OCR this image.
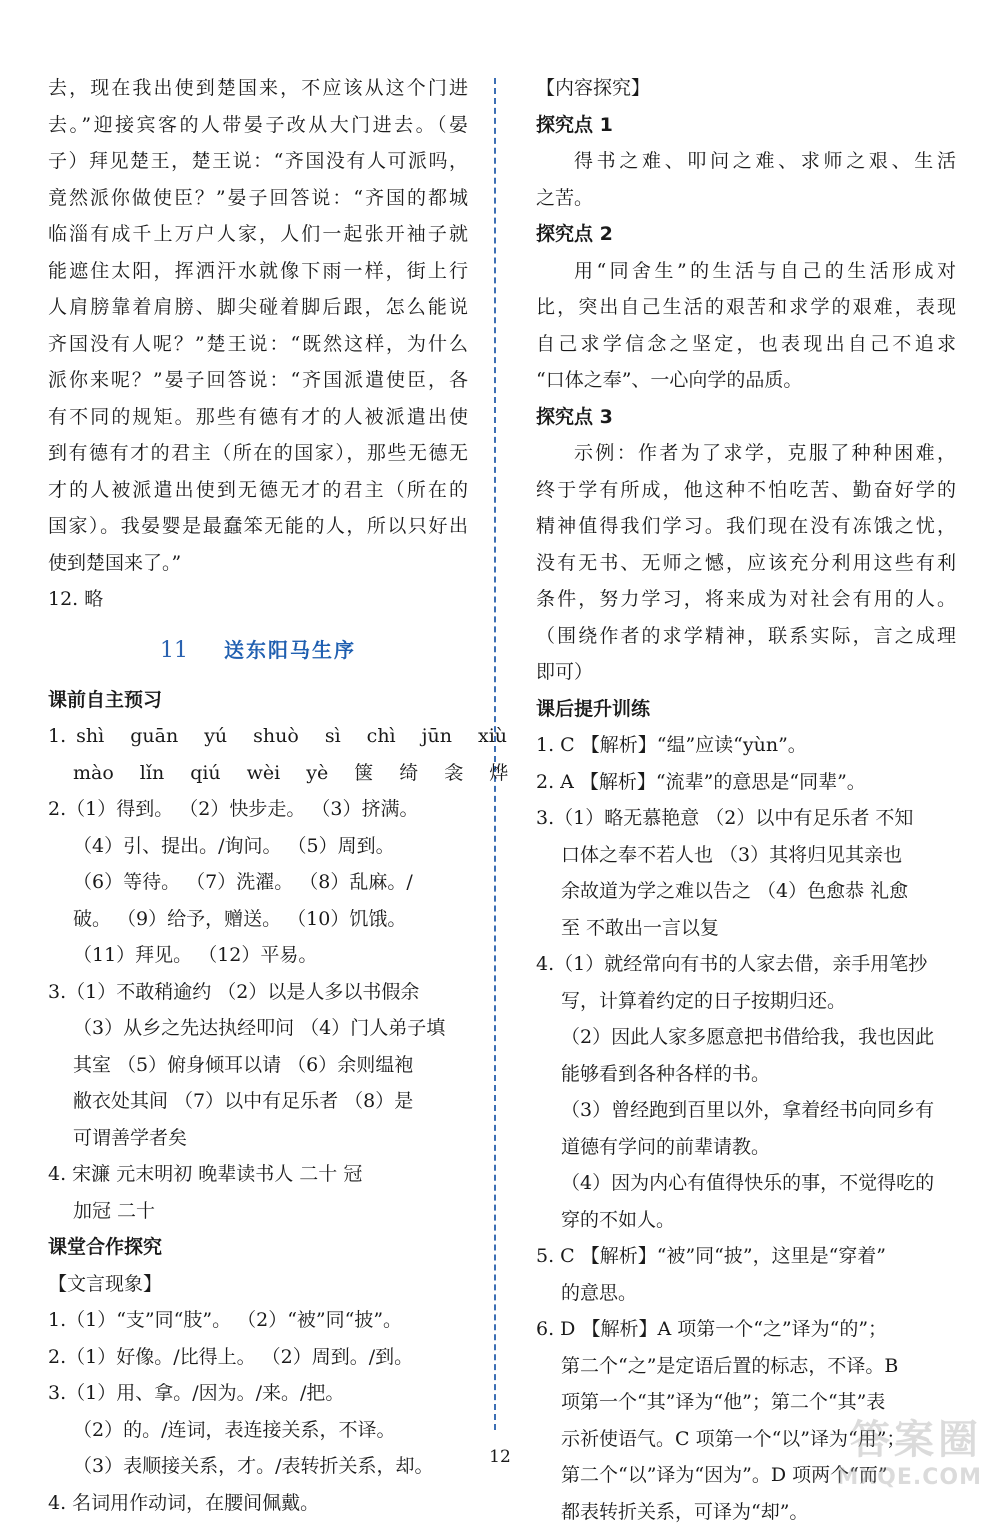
去，现在我出使到楚国来，不应该从这个门进
去。”迎接宾客的人带晏子改从大门进去。（晏
子）拜见楚王，楚王说：“齐国没有人可派吗，
竟然派你做使臣？”晏子回答说：“齐国的都城
临淄有成千上万户人家，人们一起张开袖子就
能遮住太阳，挥洒汗水就像下雨一样，街上行
人肩膀靠着肩膀、脚尖碰着脚后跟，怎么能说
齐国没有人呢？”楚王说：“既然这样，为什么
派你来呢？”晏子回答说：“齐国派遣使臣，各
有不同的规矩。那些有德有才的人被派遣出使
到有德有才的君主（所在的国家），那些无德无
才的人被派遣出使到无德无才的君主（所在的
国家）。我晏婴是最蠢笨无能的人，所以只好出
使到楚国来了。”
12. 略
11 送东阳马生序
课前自主预习
1. shì guān yú shuò sì chì jūn xiù
mào lǐn qiú wèi yè 箧 绮 衾 烨
2.（1）得到。 （2）快步走。 （3）挤满。
（4）引、提出。/询问。 （5）周到。
（6）等待。 （7）洗濯。 （8）乱麻。/
破。 （9）给予，赠送。 （10）饥饿。
（11）拜见。 （12）平易。
3.（1）不敢稍逾约 （2）以是人多以书假余
（3）从乡之先达执经叩问 （4）门人弟子填
其室 （5）俯身倾耳以请 （6）余则缊袍
敝衣处其间 （7）以中有足乐者 （8）是
可谓善学者矣
4. 宋濂 元末明初 晚辈读书人 二十 冠
加冠 二十
课堂合作探究
【文言现象】
1.（1）“支”同“肢”。 （2）“被”同“披”。
2.（1）好像。/比得上。 （2）周到。/到。
3.（1）用、拿。/因为。/来。/把。
（2）的。/连词，表连接关系，不译。
（3）表顺接关系，才。/表转折关系，却。
4. 名词用作动词，在腰间佩戴。
【内容探究】
探究点 1
得书之难、叩问之难、求师之艰、生活
之苦。
探究点 2
用“同舍生”的生活与自己的生活形成对
比，突出自己生活的艰苦和求学的艰难，表现
自己求学信念之坚定，也表现出自己不追求
“口体之奉”、一心向学的品质。
探究点 3
示例：作者为了求学，克服了种种困难，
终于学有所成，他这种不怕吃苦、勤奋好学的
精神值得我们学习。我们现在没有冻饿之忧，
没有无书、无师之憾，应该充分利用这些有利
条件，努力学习，将来成为对社会有用的人。
（围绕作者的求学精神，联系实际，言之成理
即可）
课后提升训练
1. C 【解析】“缊”应读“yùn”。
2. A 【解析】“流辈”的意思是“同辈”。
3.（1）略无慕艳意 （2）以中有足乐者 不知
口体之奉不若人也 （3）其将归见其亲也
余故道为学之难以告之 （4）色愈恭 礼愈
至 不敢出一言以复
4.（1）就经常向有书的人家去借，亲手用笔抄
写，计算着约定的日子按期归还。
（2）因此人家多愿意把书借给我，我也因此
能够看到各种各样的书。
（3）曾经跑到百里以外，拿着经书向同乡有
道德有学问的前辈请教。
（4）因为内心有值得快乐的事，不觉得吃的
穿的不如人。
5. C 【解析】“被”同“披”，这里是“穿着”
的意思。
6. D 【解析】A 项第一个“之”译为“的”；
第二个“之”是定语后置的标志，不译。B
项第一个“其”译为“他”；第二个“其”表
示祈使语气。C 项第一个“以”译为“用”；
第二个“以”译为“因为”。D 项两个“而”
都表转折关系，可译为“却”。
12	答案圈
MXQE.COM
